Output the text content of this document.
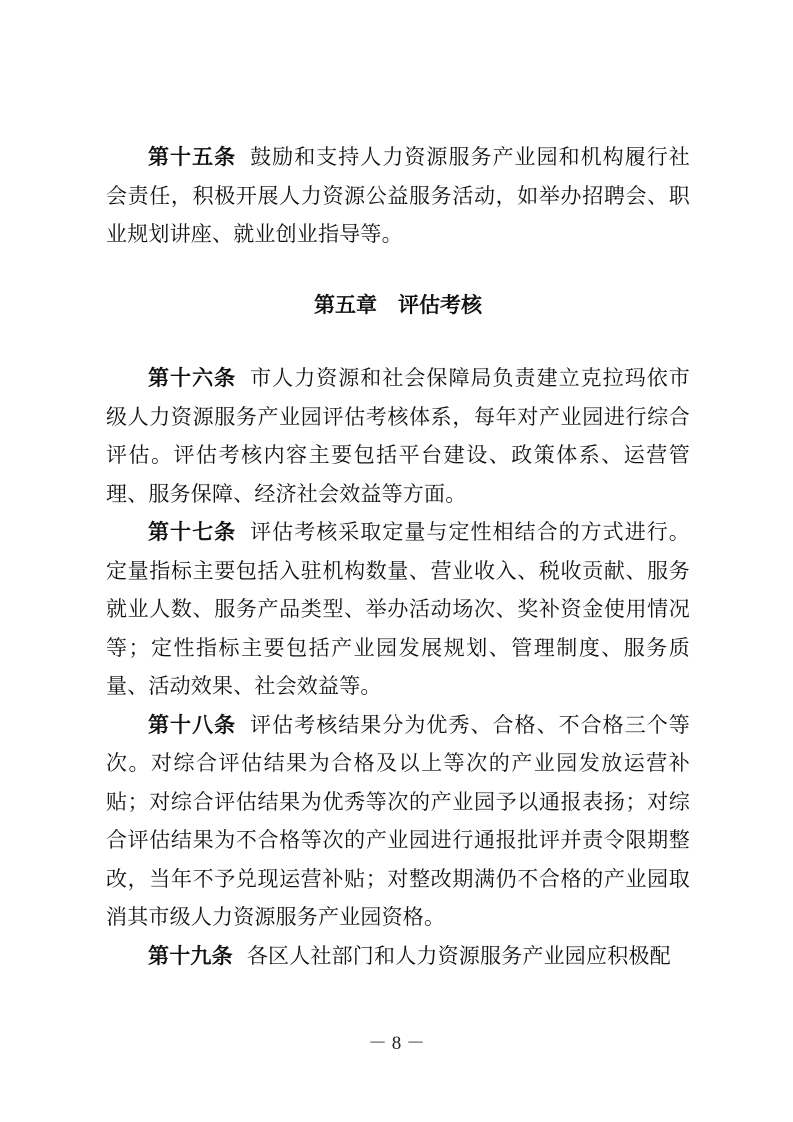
第十五条 鼓励和支持人力资源服务产业园和机构履行社会责任，积极开展人力资源公益服务活动，如举办招聘会、职业规划讲座、就业创业指导等。

第五章 评估考核

第十六条 市人力资源和社会保障局负责建立克拉玛依市级人力资源服务产业园评估考核体系，每年对产业园进行综合评估。评估考核内容主要包括平台建设、政策体系、运营管理、服务保障、经济社会效益等方面。

第十七条 评估考核采取定量与定性相结合的方式进行。定量指标主要包括入驻机构数量、营业收入、税收贡献、服务就业人数、服务产品类型、举办活动场次、奖补资金使用情况等；定性指标主要包括产业园发展规划、管理制度、服务质量、活动效果、社会效益等。

第十八条 评估考核结果分为优秀、合格、不合格三个等次。对综合评估结果为合格及以上等次的产业园发放运营补贴；对综合评估结果为优秀等次的产业园予以通报表扬；对综合评估结果为不合格等次的产业园进行通报批评并责令限期整改，当年不予兑现运营补贴；对整改期满仍不合格的产业园取消其市级人力资源服务产业园资格。

第十九条 各区人社部门和人力资源服务产业园应积极配

－ 8 －
